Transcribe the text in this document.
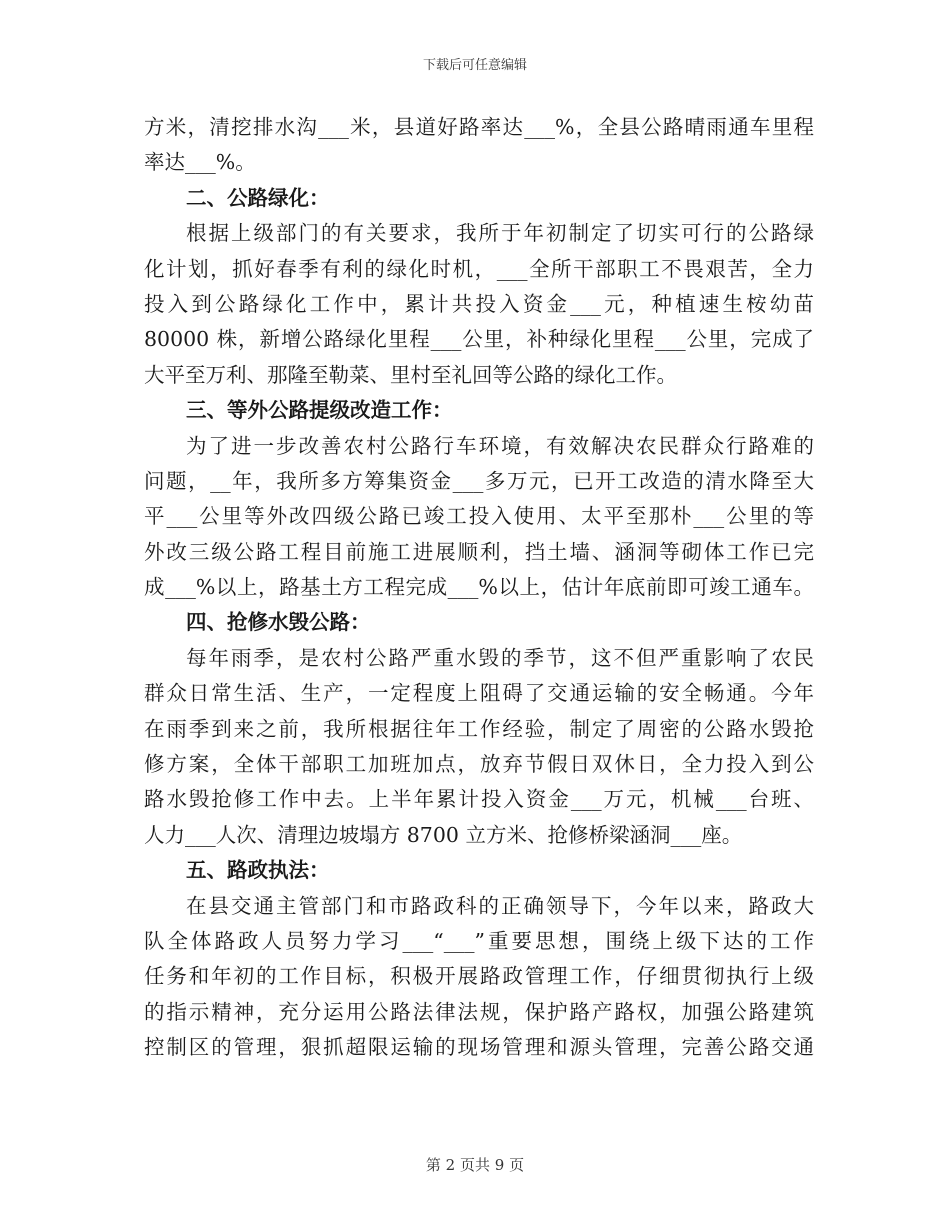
下载后可任意编辑
方米，清挖排水沟___米，县道好路率达___%，全县公路晴雨通车里程
率达___%。
二、公路绿化：
根据上级部门的有关要求，我所于年初制定了切实可行的公路绿
化计划，抓好春季有利的绿化时机，___全所干部职工不畏艰苦，全力
投入到公路绿化工作中，累计共投入资金___元，种植速生桉幼苗
80000 株，新增公路绿化里程___公里，补种绿化里程___公里，完成了
大平至万利、那隆至勒菜、里村至礼回等公路的绿化工作。
三、等外公路提级改造工作：
为了进一步改善农村公路行车环境，有效解决农民群众行路难的
问题，__年，我所多方筹集资金___多万元，已开工改造的清水降至大
平___公里等外改四级公路已竣工投入使用、太平至那朴___公里的等
外改三级公路工程目前施工进展顺利，挡土墙、涵洞等砌体工作已完
成___%以上，路基土方工程完成___%以上，估计年底前即可竣工通车。
四、抢修水毁公路：
每年雨季，是农村公路严重水毁的季节，这不但严重影响了农民
群众日常生活、生产，一定程度上阻碍了交通运输的安全畅通。今年
在雨季到来之前，我所根据往年工作经验，制定了周密的公路水毁抢
修方案，全体干部职工加班加点，放弃节假日双休日，全力投入到公
路水毁抢修工作中去。上半年累计投入资金___万元，机械___台班、
人力___人次、清理边坡塌方 8700 立方米、抢修桥梁涵洞___座。
五、路政执法：
在县交通主管部门和市路政科的正确领导下，今年以来，路政大
队全体路政人员努力学习___“___”重要思想，围绕上级下达的工作
任务和年初的工作目标，积极开展路政管理工作，仔细贯彻执行上级
的指示精神，充分运用公路法律法规，保护路产路权，加强公路建筑
控制区的管理，狠抓超限运输的现场管理和源头管理，完善公路交通
第 2 页共 9 页
